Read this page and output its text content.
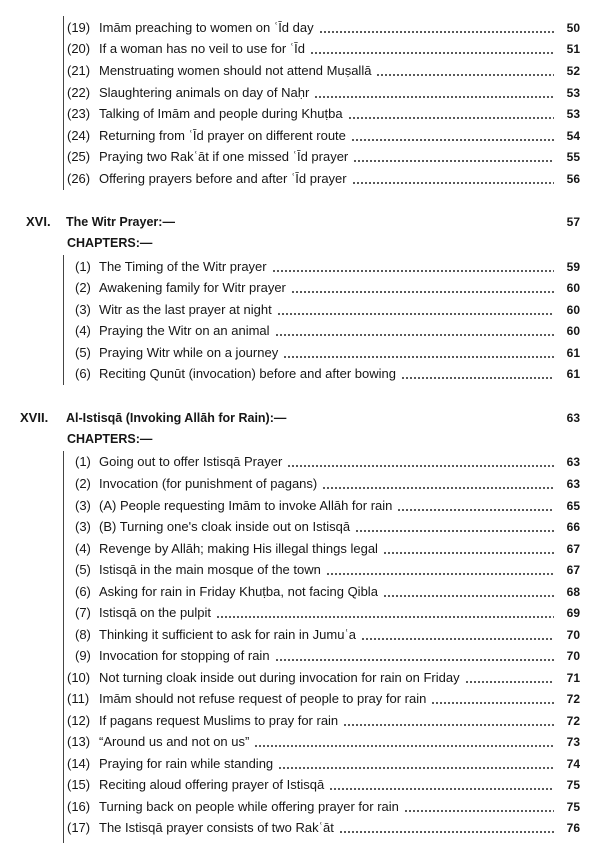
(19) Imām preaching to women on ʿĪd day	50
(20) If a woman has no veil to use for ʿĪd	51
(21) Menstruating women should not attend Muṣallā	52
(22) Slaughtering animals on day of Naḥr	53
(23) Talking of Imām and people during Khuṭba	53
(24) Returning from ʿĪd prayer on different route	54
(25) Praying two Rakʿāt if one missed ʿĪd prayer	55
(26) Offering prayers before and after ʿĪd prayer	56
XVI. The Witr Prayer:—	57
CHAPTERS:—
(1) The Timing of the Witr prayer	59
(2) Awakening family for Witr prayer	60
(3) Witr as the last prayer at night	60
(4) Praying the Witr on an animal	60
(5) Praying Witr while on a journey	61
(6) Reciting Qunūt (invocation) before and after bowing	61
XVII. Al-Istisqā (Invoking Allāh for Rain):—	63
CHAPTERS:—
(1) Going out to offer Istisqā Prayer	63
(2) Invocation (for punishment of pagans)	63
(3) (A) People requesting Imām to invoke Allāh for rain	65
(3) (B) Turning one's cloak inside out on Istisqā	66
(4) Revenge by Allāh; making His illegal things legal	67
(5) Istisqā in the main mosque of the town	67
(6) Asking for rain in Friday Khuṭba, not facing Qibla	68
(7) Istisqā on the pulpit	69
(8) Thinking it sufficient to ask for rain in Jumuʿa	70
(9) Invocation for stopping of rain	70
(10) Not turning cloak inside out during invocation for rain on Friday	71
(11) Imām should not refuse request of people to pray for rain	72
(12) If pagans request Muslims to pray for rain	72
(13) “Around us and not on us”	73
(14) Praying for rain while standing	74
(15) Reciting aloud offering prayer of Istisqā	75
(16) Turning back on people while offering prayer for rain	75
(17) The Istisqā prayer consists of two Rakʿāt	76
